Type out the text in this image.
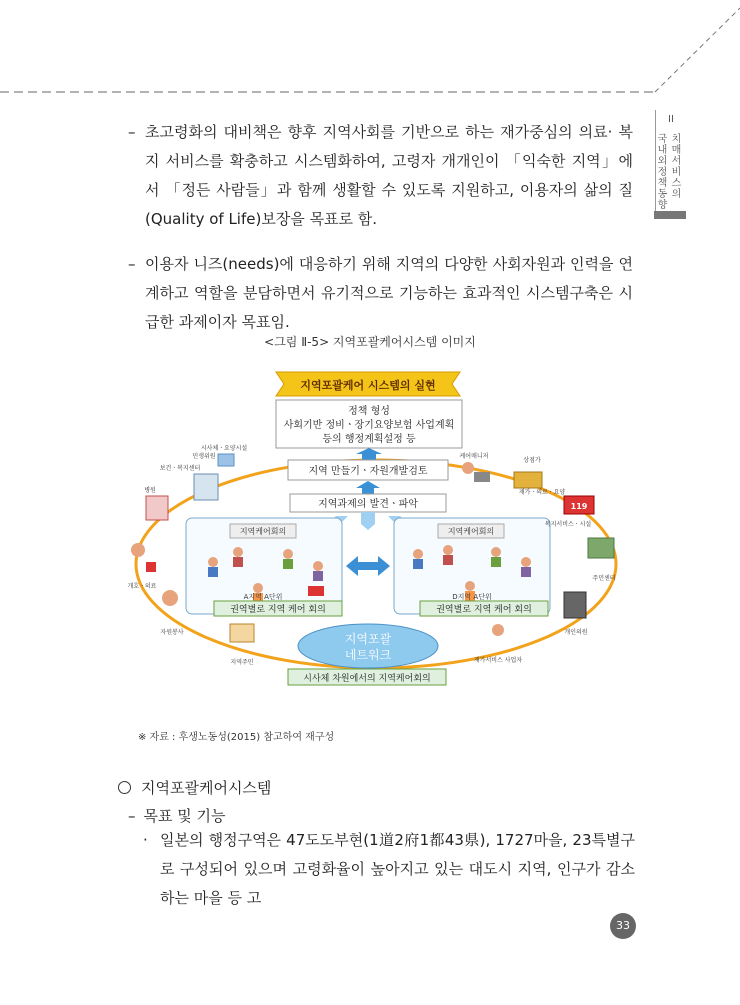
II
국내외정책동향
치매서비스의
– 초고령화의 대비책은 향후 지역사회를 기반으로 하는 재가중심의 의료· 복지 서비스를 확충하고 시스템화하여, 고령자 개개인이 「익숙한 지역」에서 「정든 사람들」과 함께 생활할 수 있도록 지원하고, 이용자의 삶의 질(Quality of Life)보장을 목표로 함.
– 이용자 니즈(needs)에 대응하기 위해 지역의 다양한 사회자원과 인력을 연계하고 역할을 분담하면서 유기적으로 기능하는 효과적인 시스템구축은 시급한 과제이자 목표임.
<그림 Ⅱ-5> 지역포괄케어시스템 이미지
지역포괄케어 시스템의 실현
정책 형성
사회기반 정비ㆍ장기요양보험 사업계획
등의 행정계획설정 등
지역 만들기ㆍ자원개발검토
지역과제의 발견ㆍ파악
지역케어회의
A지역 A단위
권역별로 지역 케어 회의
지역케어회의
D지역 A단위
권역별로 지역 케어 회의
지역포괄
네트워크
시사체 차원에서의 지역케어회의
시사체ㆍ요양시설
보건ㆍ복지센터
병원
개호ㆍ의료
자원봉사
지역주민
상점가
119
케어매니저
재가서비스 사업자
주민센터
개인의원
재가ㆍ의료ㆍ요양
복지서비스ㆍ시설
민생위원
※ 자료 : 후생노동성(2015) 참고하여 재구성
지역포괄케어시스템
– 목표 및 기능
· 일본의 행정구역은 47도도부현(1道2府1都43県), 1727마을, 23특별구로 구성되어 있으며 고령화율이 높아지고 있는 대도시 지역, 인구가 감소하는 마을 등 고
33
